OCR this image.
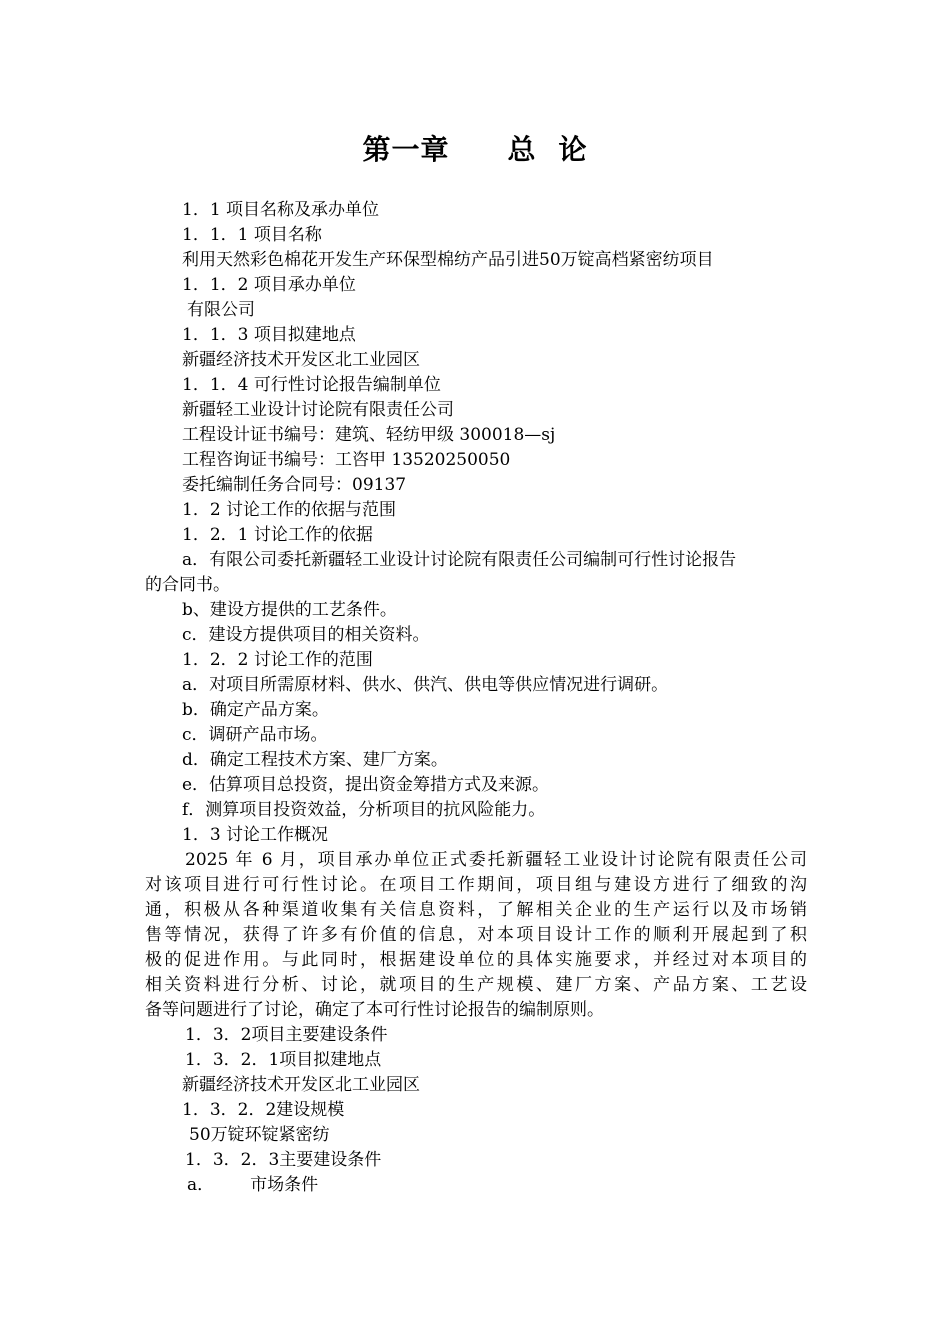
第一章 总 论
1．1 项目名称及承办单位
1．1．1 项目名称
利用天然彩色棉花开发生产环保型棉纺产品引进50万锭高档紧密纺项目
1．1．2 项目承办单位
有限公司
1．1．3 项目拟建地点
新疆经济技术开发区北工业园区
1．1．4 可行性讨论报告编制单位
新疆轻工业设计讨论院有限责任公司
工程设计证书编号：建筑、轻纺甲级 300018—sj
工程咨询证书编号：工咨甲 13520250050
委托编制任务合同号：09137
1．2 讨论工作的依据与范围
1．2．1 讨论工作的依据
a．有限公司委托新疆轻工业设计讨论院有限责任公司编制可行性讨论报告
的合同书。
b、建设方提供的工艺条件。
c．建设方提供项目的相关资料。
1．2．2 讨论工作的范围
a．对项目所需原材料、供水、供汽、供电等供应情况进行调研。
b．确定产品方案。
c．调研产品市场。
d．确定工程技术方案、建厂方案。
e．估算项目总投资，提出资金筹措方式及来源。
f．测算项目投资效益，分析项目的抗风险能力。
1．3 讨论工作概况
2025 年 6 月，项目承办单位正式委托新疆轻工业设计讨论院有限责任公司
对该项目进行可行性讨论。在项目工作期间，项目组与建设方进行了细致的沟
通，积极从各种渠道收集有关信息资料，了解相关企业的生产运行以及市场销
售等情况，获得了许多有价值的信息，对本项目设计工作的顺利开展起到了积
极的促进作用。与此同时，根据建设单位的具体实施要求，并经过对本项目的
相关资料进行分析、讨论，就项目的生产规模、建厂方案、产品方案、工艺设
备等问题进行了讨论，确定了本可行性讨论报告的编制原则。
1．3．2项目主要建设条件
1．3．2．1项目拟建地点
新疆经济技术开发区北工业园区
1．3．2．2建设规模
50万锭环锭紧密纺
1．3．2．3主要建设条件
a． 市场条件
